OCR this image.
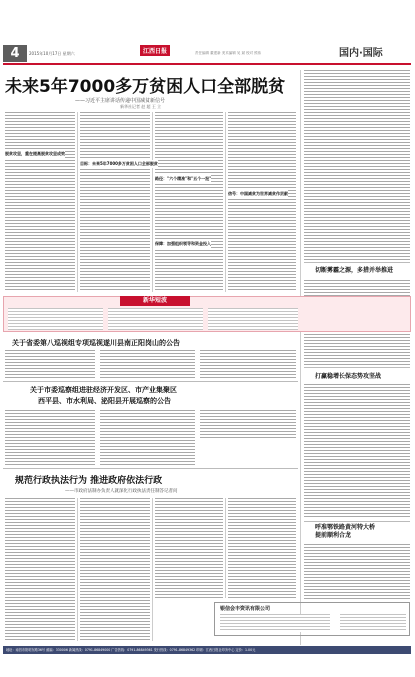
4	2015年10月17日 星期六	江西日报	责任编辑 董建新 美术编辑 吴 斌 校对 熊伟	国内·国际
未来5年7000多万贫困人口全部脱贫
——习近平主席讲话传递中国减贫新信号
新华社记者 赵 超 王 立
脱贫攻坚，重在提高脱贫攻坚成效
目标：未来5年7000多万贫困人口全部脱贫
路径："六个精准"和"五个一批"
保障：加强组织领导和资金投入
信号：中国减贫为世界减贫作贡献
切断雾霾之源，多措并举推进
打赢稳增长保态势攻坚战
呼准鄂铁路黄河特大桥
提前顺利合龙
新华短波
关于省委第八巡视组专项巡视遂川县南正阳岗山的公告
关于市委巡察组进驻经济开发区、市产业集聚区
西平县、市水利局、泌阳县开展巡察的公告
规范行政执法行为 推进政府依法行政
——市政府法制办负责人就深化行政执法责任制答记者问
银信会丰资讯有限公司
地址：南昌市阳明东路36号 邮编：330006 新闻热线：0791-86849000 广告热线：0791-86849361 发行热线：0791-86849362 印刷：江西日报社印务中心 定价：1.00元
